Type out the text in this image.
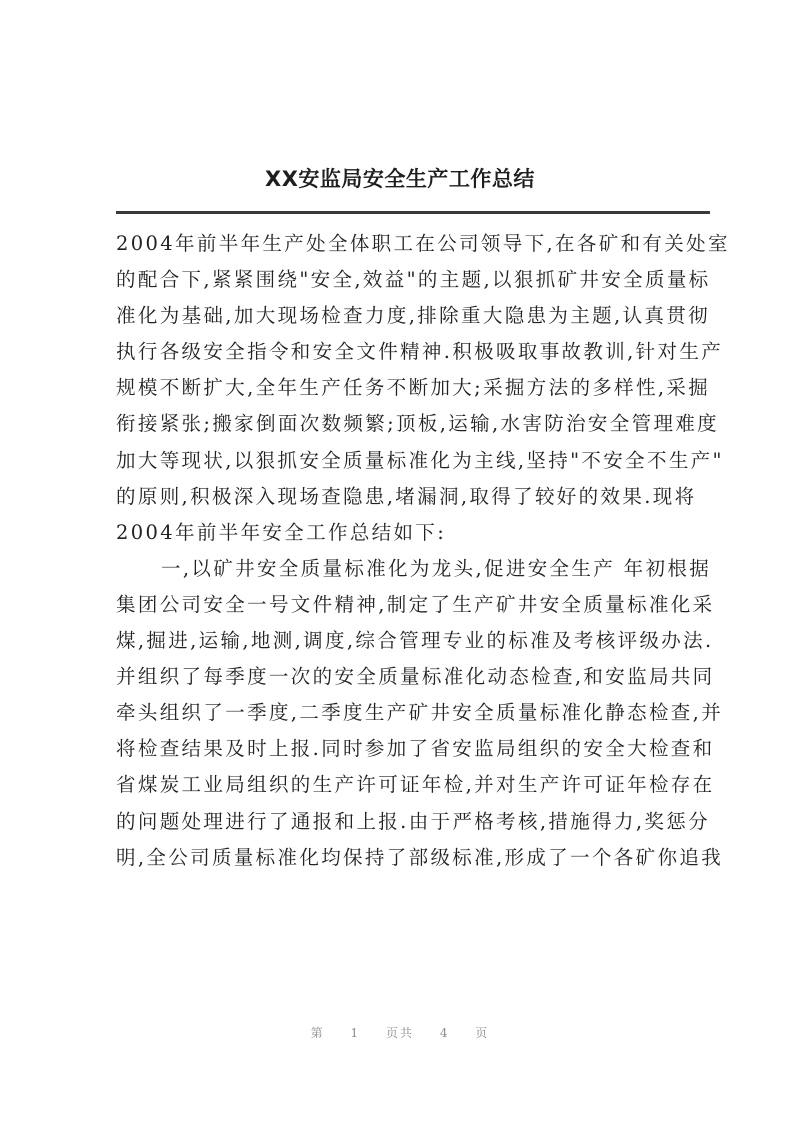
XX安监局安全生产工作总结
2004年前半年生产处全体职工在公司领导下,在各矿和有关处室
的配合下,紧紧围绕"安全,效益"的主题,以狠抓矿井安全质量标
准化为基础,加大现场检查力度,排除重大隐患为主题,认真贯彻
执行各级安全指令和安全文件精神.积极吸取事故教训,针对生产
规模不断扩大,全年生产任务不断加大;采掘方法的多样性,采掘
衔接紧张;搬家倒面次数频繁;顶板,运输,水害防治安全管理难度
加大等现状,以狠抓安全质量标准化为主线,坚持"不安全不生产"
的原则,积极深入现场查隐患,堵漏洞,取得了较好的效果.现将
2004年前半年安全工作总结如下:
一,以矿井安全质量标准化为龙头,促进安全生产 年初根据
集团公司安全一号文件精神,制定了生产矿井安全质量标准化采
煤,掘进,运输,地测,调度,综合管理专业的标准及考核评级办法.
并组织了每季度一次的安全质量标准化动态检查,和安监局共同
牵头组织了一季度,二季度生产矿井安全质量标准化静态检查,并
将检查结果及时上报.同时参加了省安监局组织的安全大检查和
省煤炭工业局组织的生产许可证年检,并对生产许可证年检存在
的问题处理进行了通报和上报.由于严格考核,措施得力,奖惩分
明,全公司质量标准化均保持了部级标准,形成了一个各矿你追我
第 1 页共 4 页
